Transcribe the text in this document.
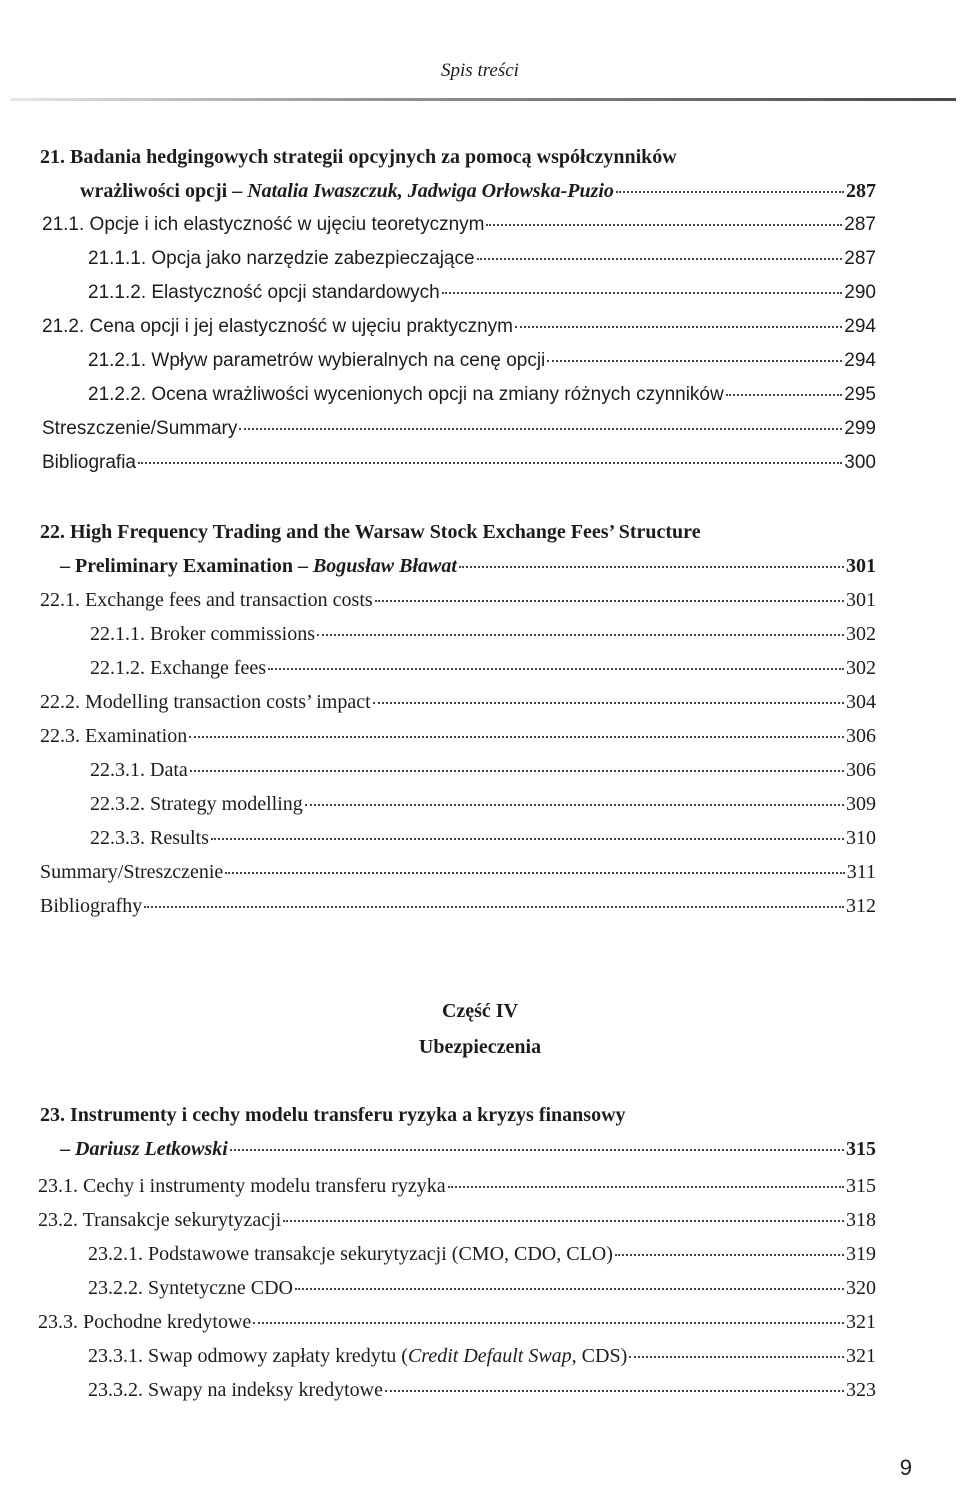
Spis treści
21. Badania hedgingowych strategii opcyjnych za pomocą współczynników
wrażliwości opcji – Natalia Iwaszczuk, Jadwiga Orłowska-Puzio	287
21.1. Opcje i ich elastyczność w ujęciu teoretycznym	287
21.1.1. Opcja jako narzędzie zabezpieczające	287
21.1.2. Elastyczność opcji standardowych	290
21.2. Cena opcji i jej elastyczność w ujęciu praktycznym	294
21.2.1. Wpływ parametrów wybieralnych na cenę opcji	294
21.2.2. Ocena wrażliwości wycenionych opcji na zmiany różnych czynników	295
Streszczenie/Summary	299
Bibliografia	300
22. High Frequency Trading and the Warsaw Stock Exchange Fees’ Structure
– Preliminary Examination – Bogusław Bławat	301
22.1. Exchange fees and transaction costs	301
22.1.1. Broker commissions	302
22.1.2. Exchange fees	302
22.2. Modelling transaction costs’ impact	304
22.3. Examination	306
22.3.1. Data	306
22.3.2. Strategy modelling	309
22.3.3. Results	310
Summary/Streszczenie	311
Bibliografhy	312
Część IV
Ubezpieczenia
23. Instrumenty i cechy modelu transferu ryzyka a kryzys finansowy
– Dariusz Letkowski	315
23.1. Cechy i instrumenty modelu transferu ryzyka	315
23.2. Transakcje sekurytyzacji	318
23.2.1. Podstawowe transakcje sekurytyzacji (CMO, CDO, CLO)	319
23.2.2. Syntetyczne CDO	320
23.3. Pochodne kredytowe	321
23.3.1. Swap odmowy zapłaty kredytu (Credit Default Swap, CDS)	321
23.3.2. Swapy na indeksy kredytowe	323
9
